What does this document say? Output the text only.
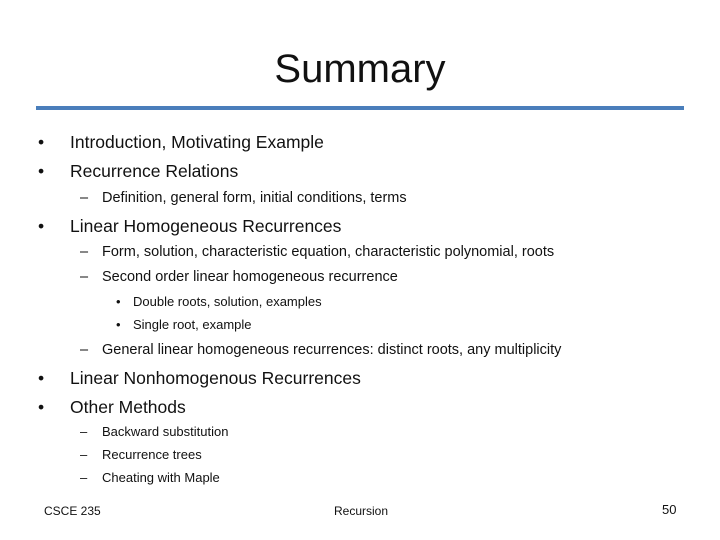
Summary
• Introduction, Motivating Example
• Recurrence Relations
– Definition, general form, initial conditions, terms
• Linear Homogeneous Recurrences
– Form, solution, characteristic equation, characteristic polynomial, roots
– Second order linear homogeneous recurrence
• Double roots, solution, examples
• Single root, example
– General linear homogeneous recurrences: distinct roots, any multiplicity
• Linear Nonhomogenous Recurrences
• Other Methods
– Backward substitution
– Recurrence trees
– Cheating with Maple
CSCE 235	Recursion	50
